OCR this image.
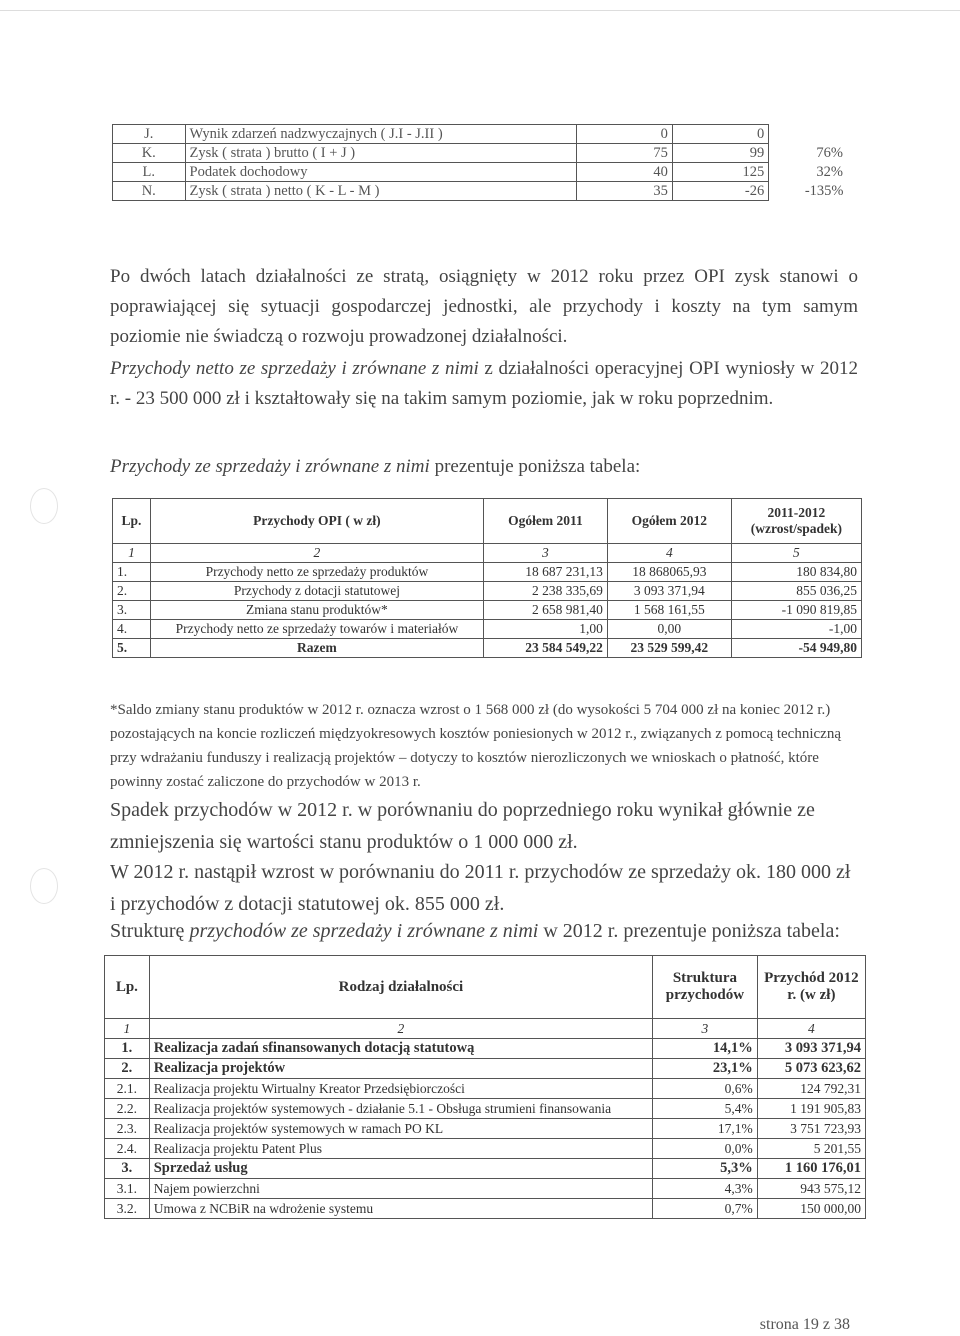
J.	Wynik zdarzeń nadzwyczajnych ( J.I - J.II )	0	0	
K.	Zysk ( strata ) brutto ( I + J )	75	99	76%
L.	Podatek dochodowy	40	125	32%
N.	Zysk ( strata ) netto ( K - L - M )	35	-26	-135%

Po dwóch latach działalności ze stratą, osiągnięty w 2012 roku przez OPI zysk stanowi o poprawiającej się sytuacji gospodarczej jednostki, ale przychody i koszty na tym samym poziomie nie świadczą o rozwoju prowadzonej działalności.

Przychody netto ze sprzedaży i zrównane z nimi z działalności operacyjnej OPI wyniosły w 2012 r. - 23 500 000 zł i kształtowały się na takim samym poziomie, jak w roku poprzednim.

Przychody ze sprzedaży i zrównane z nimi prezentuje poniższa tabela:

Lp.	Przychody OPI ( w zł)	Ogółem 2011	Ogółem 2012	2011-2012 (wzrost/spadek)
1	2	3	4	5
1.	Przychody netto ze sprzedaży produktów	18 687 231,13	18 868065,93	180 834,80
2.	Przychody z dotacji statutowej	2 238 335,69	3 093 371,94	855 036,25
3.	Zmiana stanu produktów*	2 658 981,40	1 568 161,55	-1 090 819,85
4.	Przychody netto ze sprzedaży towarów i materiałów	1,00	0,00	-1,00
5.	Razem	23 584 549,22	23 529 599,42	-54 949,80

*Saldo zmiany stanu produktów w 2012 r. oznacza wzrost o 1 568 000 zł (do wysokości 5 704 000 zł na koniec 2012 r.) pozostających na koncie rozliczeń międzyokresowych kosztów poniesionych w 2012 r., związanych z pomocą techniczną przy wdrażaniu funduszy i realizacją projektów – dotyczy to kosztów nierozliczonych we wnioskach o płatność, które powinny zostać zaliczone do przychodów w 2013 r.

Spadek przychodów w 2012 r. w porównaniu do poprzedniego roku wynikał głównie ze zmniejszenia się wartości stanu produktów o 1 000 000 zł.

W 2012 r. nastąpił wzrost w porównaniu do 2011 r. przychodów ze sprzedaży ok. 180 000 zł i przychodów z dotacji statutowej ok. 855 000 zł.

Strukturę przychodów ze sprzedaży i zrównane z nimi w 2012 r. prezentuje poniższa tabela:

Lp.	Rodzaj działalności	Struktura przychodów	Przychód 2012 r. (w zł)
1	2	3	4
1.	Realizacja zadań sfinansowanych dotacją statutową	14,1%	3 093 371,94
2.	Realizacja projektów	23,1%	5 073 623,62
2.1.	Realizacja projektu Wirtualny Kreator Przedsiębiorczości	0,6%	124 792,31
2.2.	Realizacja projektów systemowych - działanie 5.1 - Obsługa strumieni finansowania	5,4%	1 191 905,83
2.3.	Realizacja projektów systemowych w ramach PO KL	17,1%	3 751 723,93
2.4.	Realizacja projektu Patent Plus	0,0%	5 201,55
3.	Sprzedaż usług	5,3%	1 160 176,01
3.1.	Najem powierzchni	4,3%	943 575,12
3.2.	Umowa z NCBiR na wdrożenie systemu	0,7%	150 000,00
strona 19 z 38
